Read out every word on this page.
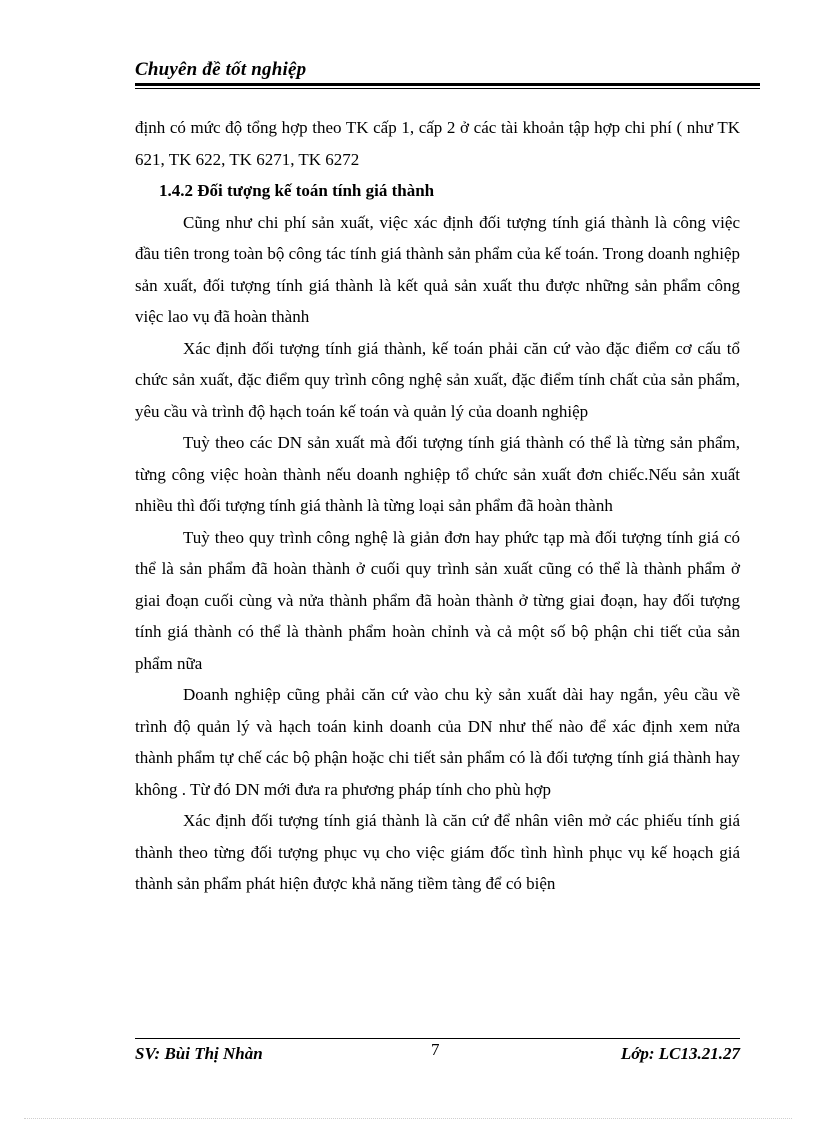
Chuyên đề tốt nghiệp

định có mức độ tổng hợp theo TK cấp 1, cấp 2 ở các tài khoản tập hợp chi phí ( như TK 621, TK 622, TK 6271, TK 6272

1.4.2 Đối tượng kế toán tính giá thành

Cũng như chi phí sản xuất, việc xác định đối tượng tính giá thành là công việc đầu tiên trong toàn bộ công tác tính giá thành sản phẩm của kế toán. Trong doanh nghiệp sản xuất, đối tượng tính giá thành là kết quả sản xuất thu được những sản phẩm công việc lao vụ đã hoàn thành

Xác định đối tượng tính giá thành, kế toán phải căn cứ vào đặc điểm cơ cấu tổ chức sản xuất, đặc điểm quy trình công nghệ sản xuất, đặc điểm tính chất của sản phẩm, yêu cầu và trình độ hạch toán kế toán và quản lý của doanh nghiệp

Tuỳ theo các DN sản xuất mà đối tượng tính giá thành có thể là từng sản phẩm, từng công việc hoàn thành nếu doanh nghiệp tổ chức sản xuất đơn chiếc.Nếu sản xuất nhiều thì đối tượng tính giá thành là từng loại sản phẩm đã hoàn thành

Tuỳ theo quy trình công nghệ là giản đơn hay phức tạp mà đối tượng tính giá có thể là sản phẩm đã hoàn thành ở cuối quy trình sản xuất cũng có thể là thành phẩm ở giai đoạn cuối cùng và nửa thành phẩm đã hoàn thành ở từng giai đoạn, hay đối tượng tính giá thành có thể là thành phẩm hoàn chỉnh và cả một số bộ phận chi tiết của sản phẩm nữa

Doanh nghiệp cũng phải căn cứ vào chu kỳ sản xuất dài hay ngắn, yêu cầu về trình độ quản lý và hạch toán kinh doanh của DN như thế nào để xác định xem nửa thành phẩm tự chế các bộ phận hoặc chi tiết sản phẩm có là đối tượng tính giá thành hay không . Từ đó DN mới đưa ra phương pháp tính cho phù hợp

Xác định đối tượng tính giá thành là căn cứ để nhân viên mở các phiếu tính giá thành theo từng đối tượng phục vụ cho việc giám đốc tình hình phục vụ kế hoạch giá thành sản phẩm phát hiện được khả năng tiềm tàng để có biện

SV: Bùi Thị Nhàn	7	Lớp: LC13.21.27
